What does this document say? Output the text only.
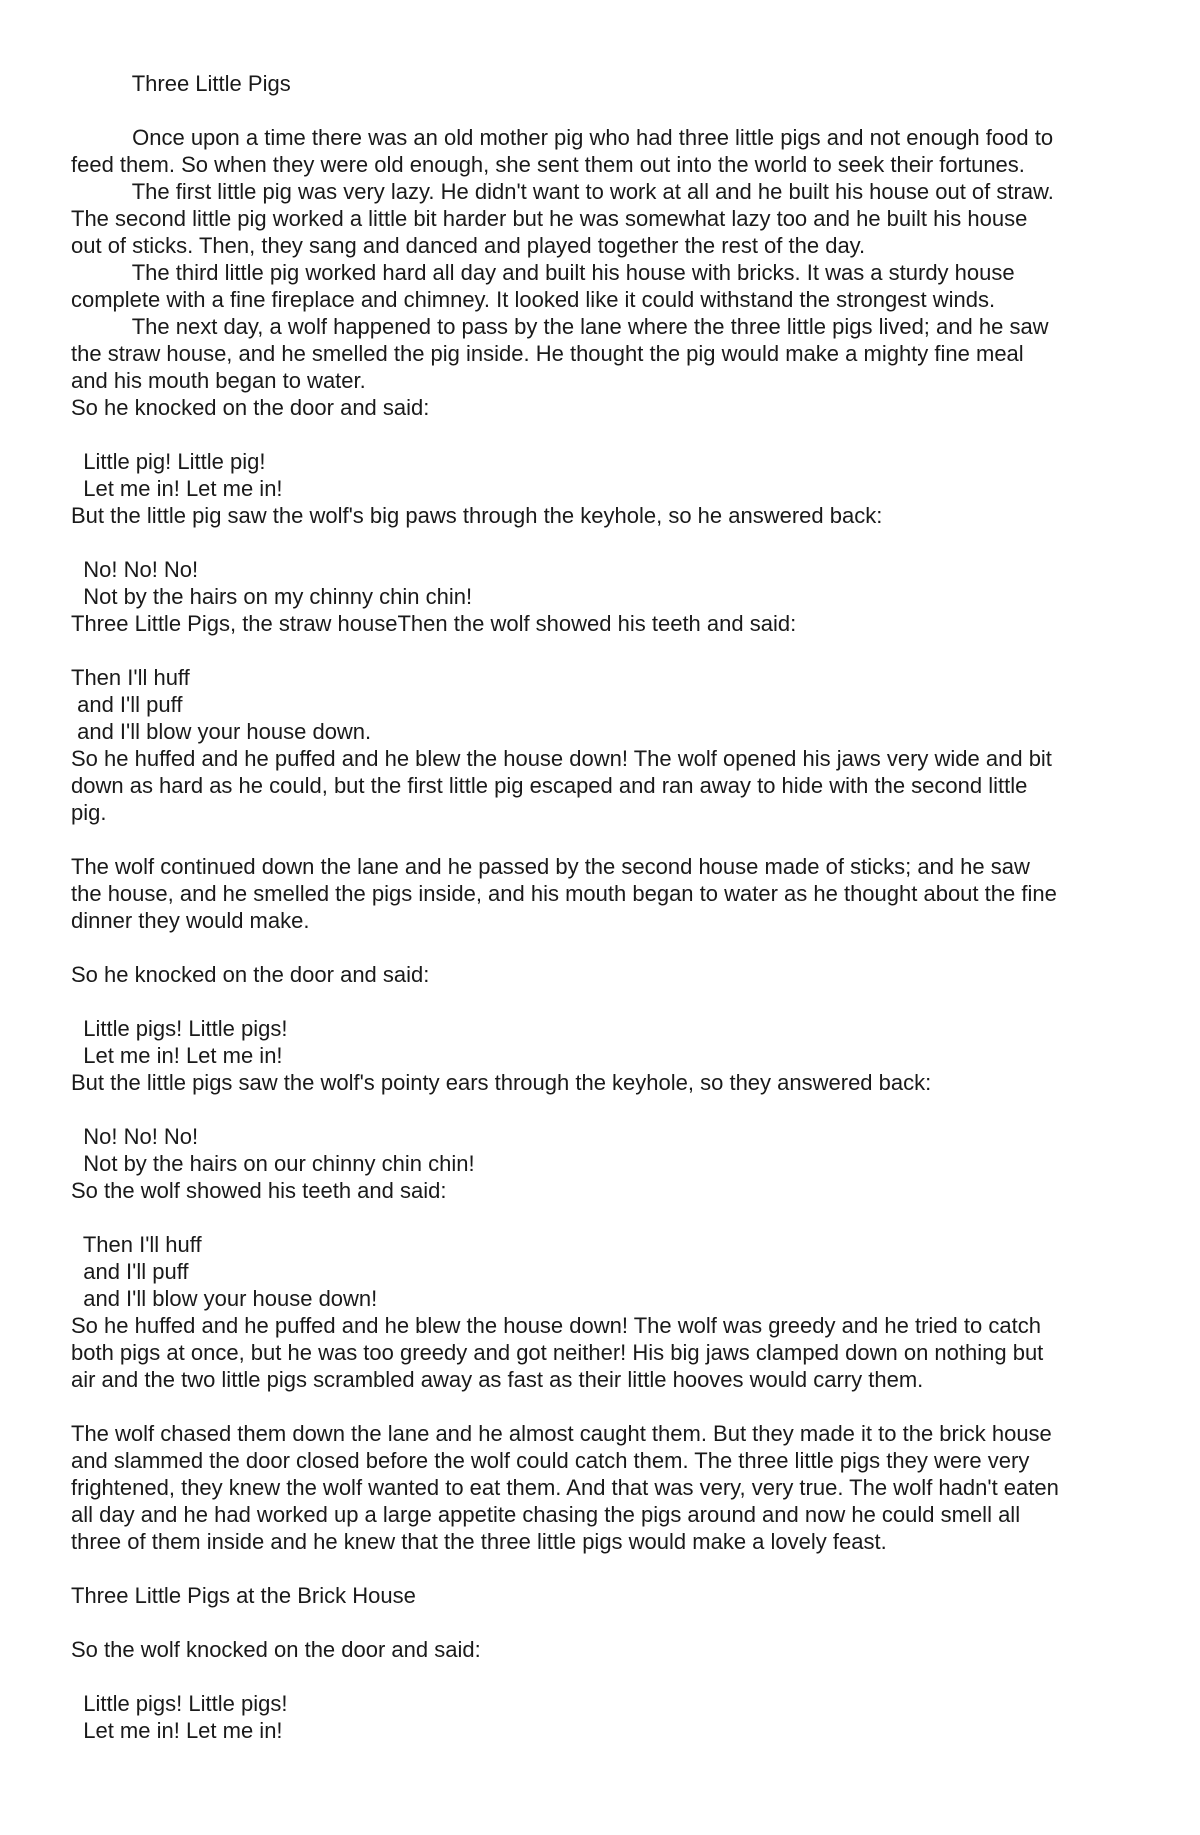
Three Little Pigs
Once upon a time there was an old mother pig who had three little pigs and not enough food to
feed them. So when they were old enough, she sent them out into the world to seek their fortunes.
The first little pig was very lazy. He didn't want to work at all and he built his house out of straw.
The second little pig worked a little bit harder but he was somewhat lazy too and he built his house
out of sticks. Then, they sang and danced and played together the rest of the day.
The third little pig worked hard all day and built his house with bricks. It was a sturdy house
complete with a fine fireplace and chimney. It looked like it could withstand the strongest winds.
The next day, a wolf happened to pass by the lane where the three little pigs lived; and he saw
the straw house, and he smelled the pig inside. He thought the pig would make a mighty fine meal
and his mouth began to water.
So he knocked on the door and said:
Little pig! Little pig!
Let me in! Let me in!
But the little pig saw the wolf's big paws through the keyhole, so he answered back:
No! No! No!
Not by the hairs on my chinny chin chin!
Three Little Pigs, the straw houseThen the wolf showed his teeth and said:
Then I'll huff
and I'll puff
and I'll blow your house down.
So he huffed and he puffed and he blew the house down! The wolf opened his jaws very wide and bit
down as hard as he could, but the first little pig escaped and ran away to hide with the second little
pig.
The wolf continued down the lane and he passed by the second house made of sticks; and he saw
the house, and he smelled the pigs inside, and his mouth began to water as he thought about the fine
dinner they would make.
So he knocked on the door and said:
Little pigs! Little pigs!
Let me in! Let me in!
But the little pigs saw the wolf's pointy ears through the keyhole, so they answered back:
No! No! No!
Not by the hairs on our chinny chin chin!
So the wolf showed his teeth and said:
Then I'll huff
and I'll puff
and I'll blow your house down!
So he huffed and he puffed and he blew the house down! The wolf was greedy and he tried to catch
both pigs at once, but he was too greedy and got neither! His big jaws clamped down on nothing but
air and the two little pigs scrambled away as fast as their little hooves would carry them.
The wolf chased them down the lane and he almost caught them. But they made it to the brick house
and slammed the door closed before the wolf could catch them. The three little pigs they were very
frightened, they knew the wolf wanted to eat them. And that was very, very true. The wolf hadn't eaten
all day and he had worked up a large appetite chasing the pigs around and now he could smell all
three of them inside and he knew that the three little pigs would make a lovely feast.
Three Little Pigs at the Brick House
So the wolf knocked on the door and said:
Little pigs! Little pigs!
Let me in! Let me in!
